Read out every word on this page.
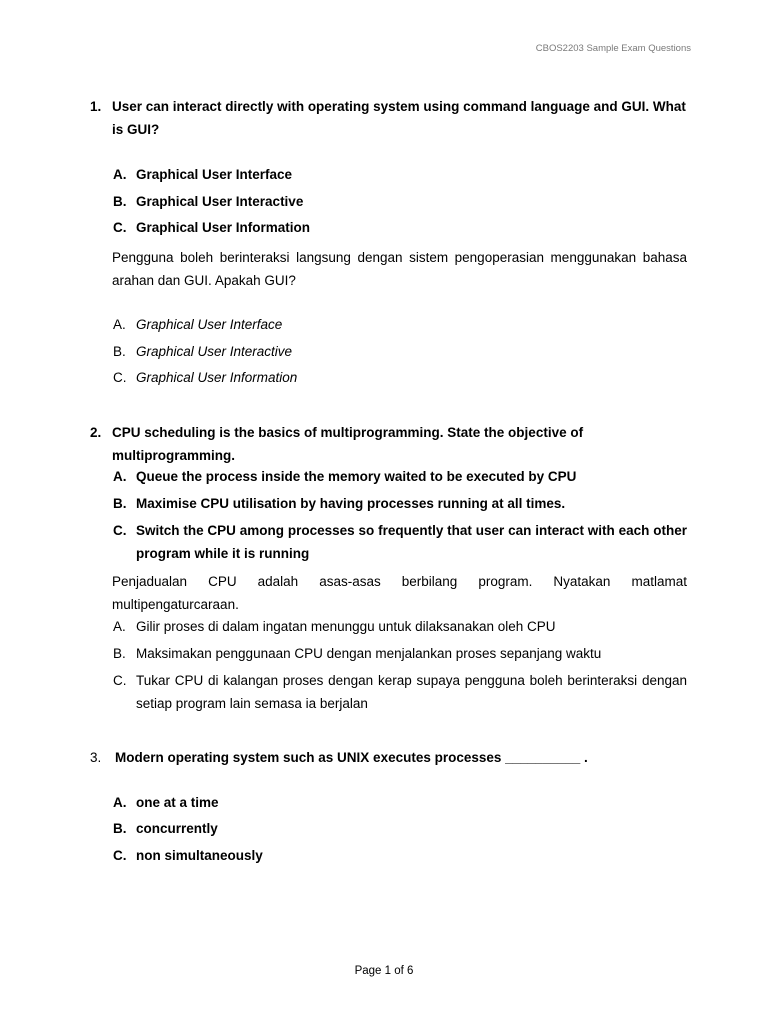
CBOS2203 Sample Exam Questions
1. User can interact directly with operating system using command language and GUI. What is GUI?
A. Graphical User Interface
B. Graphical User Interactive
C. Graphical User Information
Pengguna boleh berinteraksi langsung dengan sistem pengoperasian menggunakan bahasa arahan dan GUI. Apakah GUI?
A. Graphical User Interface
B. Graphical User Interactive
C. Graphical User Information
2. CPU scheduling is the basics of multiprogramming. State the objective of multiprogramming.
A. Queue the process inside the memory waited to be executed by CPU
B. Maximise CPU utilisation by having processes running at all times.
C. Switch the CPU among processes so frequently that user can interact with each other program while it is running
Penjadualan CPU adalah asas-asas berbilang program. Nyatakan matlamat multipengaturcaraan.
A. Gilir proses di dalam ingatan menunggu untuk dilaksanakan oleh CPU
B. Maksimakan penggunaan CPU dengan menjalankan proses sepanjang waktu
C. Tukar CPU di kalangan proses dengan kerap supaya pengguna boleh berinteraksi dengan setiap program lain semasa ia berjalan
3.	Modern operating system such as UNIX executes processes __________ .
A. one at a time
B. concurrently
C. non simultaneously
Page 1 of 6
